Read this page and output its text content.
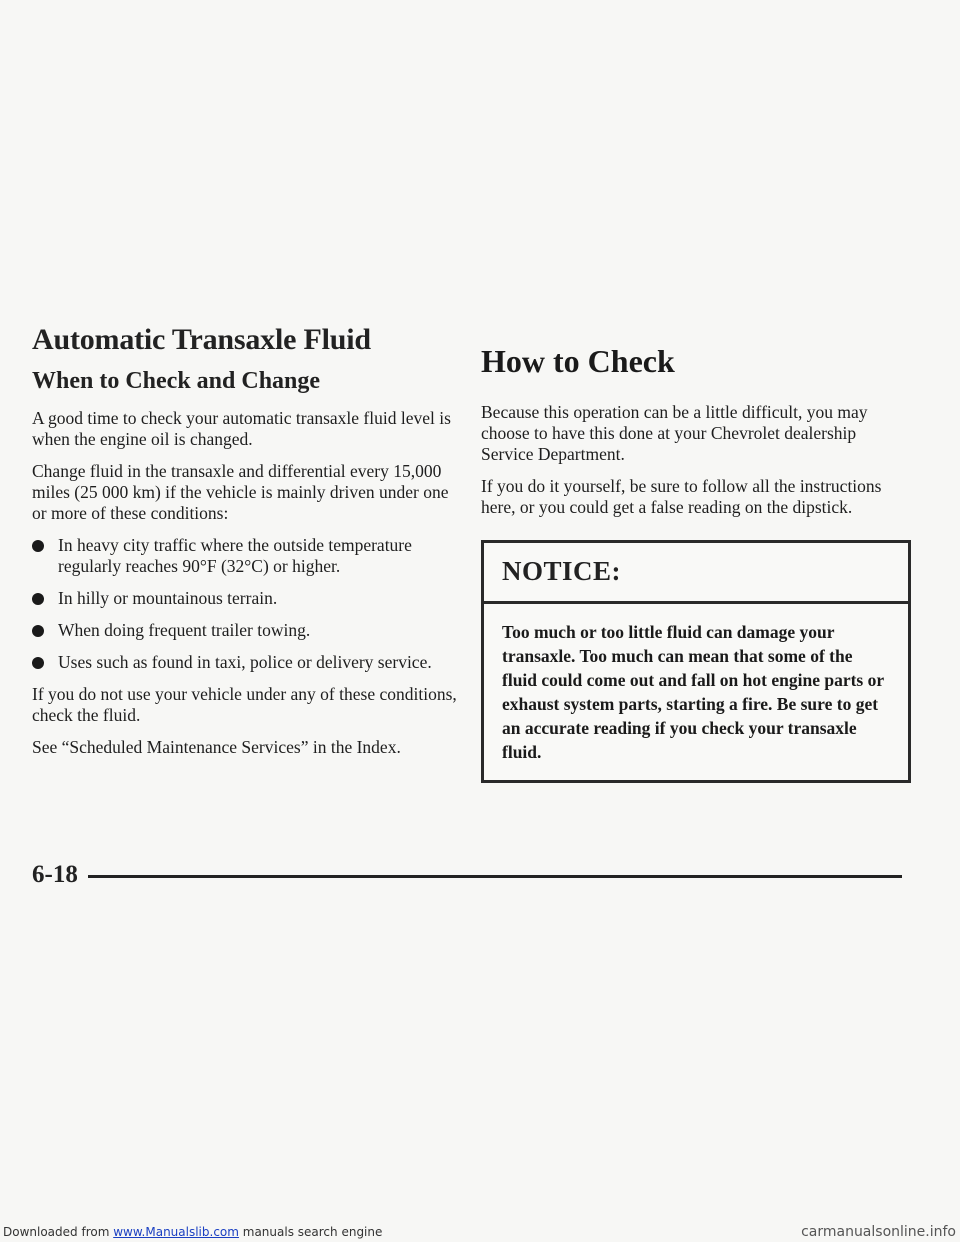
Automatic Transaxle Fluid
When to Check and Change

A good time to check your automatic transaxle fluid level is when the engine oil is changed.

Change fluid in the transaxle and differential every 15,000 miles (25 000 km) if the vehicle is mainly driven under one or more of these conditions:

In heavy city traffic where the outside temperature regularly reaches 90°F (32°C) or higher.
In hilly or mountainous terrain.
When doing frequent trailer towing.
Uses such as found in taxi, police or delivery service.

If you do not use your vehicle under any of these conditions, check the fluid.

See “Scheduled Maintenance Services” in the Index.

How to Check

Because this operation can be a little difficult, you may choose to have this done at your Chevrolet dealership Service Department.

If you do it yourself, be sure to follow all the instructions here, or you could get a false reading on the dipstick.

NOTICE:
Too much or too little fluid can damage your transaxle. Too much can mean that some of the fluid could come out and fall on hot engine parts or exhaust system parts, starting a fire. Be sure to get an accurate reading if you check your transaxle fluid.
6-18
Downloaded from www.Manualslib.com manuals search engine	carmanualsonline.info
